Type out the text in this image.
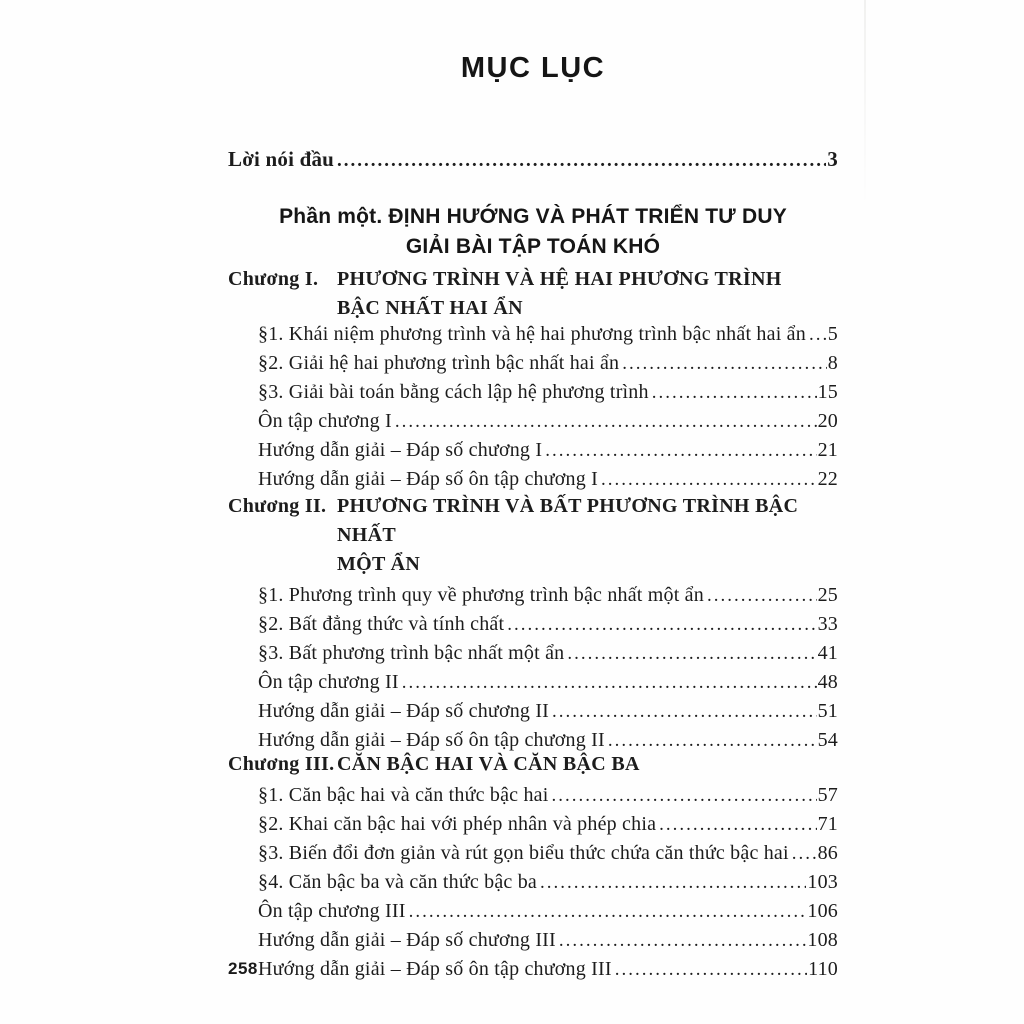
MỤC LỤC
Lời nói đầu .....	3
Phần một. ĐỊNH HƯỚNG VÀ PHÁT TRIỂN TƯ DUY
GIẢI BÀI TẬP TOÁN KHÓ
Chương I. PHƯƠNG TRÌNH VÀ HỆ HAI PHƯƠNG TRÌNH
BẬC NHẤT HAI ẨN
§1. Khái niệm phương trình và hệ hai phương trình bậc nhất hai ẩn ..... 5
§2. Giải hệ hai phương trình bậc nhất hai ẩn .....	8
§3. Giải bài toán bằng cách lập hệ phương trình .....	15
Ôn tập chương I .....	20
Hướng dẫn giải – Đáp số chương I .....	21
Hướng dẫn giải – Đáp số ôn tập chương I .....	22
Chương II. PHƯƠNG TRÌNH VÀ BẤT PHƯƠNG TRÌNH BẬC NHẤT
MỘT ẨN
§1. Phương trình quy về phương trình bậc nhất một ẩn .....	25
§2. Bất đẳng thức và tính chất .....	33
§3. Bất phương trình bậc nhất một ẩn .....	41
Ôn tập chương II .....	48
Hướng dẫn giải – Đáp số chương II .....	51
Hướng dẫn giải – Đáp số ôn tập chương II .....	54
Chương III. CĂN BẬC HAI VÀ CĂN BẬC BA
§1. Căn bậc hai và căn thức bậc hai .....	57
§2. Khai căn bậc hai với phép nhân và phép chia .....	71
§3. Biến đổi đơn giản và rút gọn biểu thức chứa căn thức bậc hai ..... 86
§4. Căn bậc ba và căn thức bậc ba .....	103
Ôn tập chương III .....	106
Hướng dẫn giải – Đáp số chương III .....	108
Hướng dẫn giải – Đáp số ôn tập chương III .....	110
258
